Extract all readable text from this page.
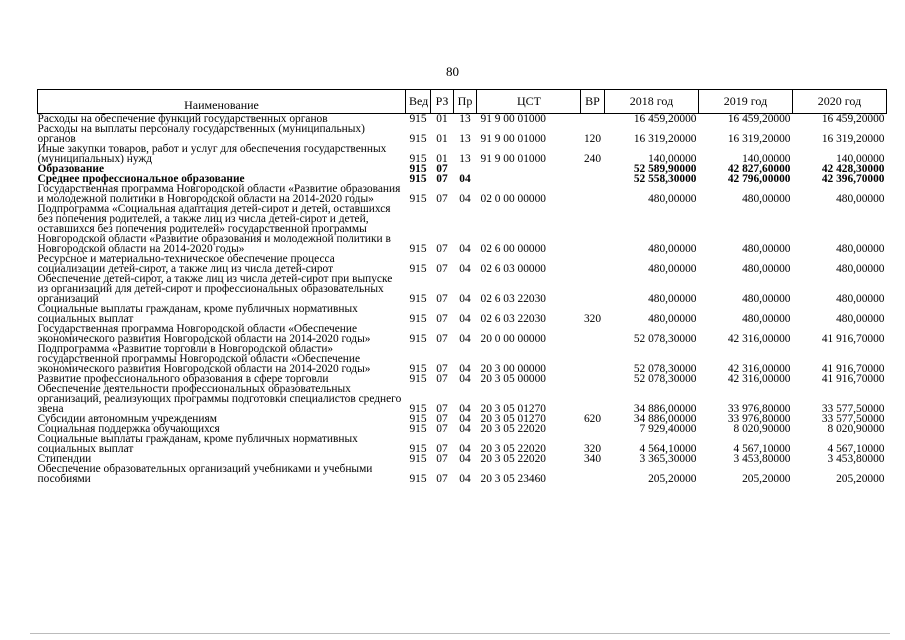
80
Наименование	Вед	РЗ	Пр	ЦСТ	ВР	2018 год	2019 год	2020 год
Расходы на обеспечение функций государственных органов	915	01	13	91 9 00 01000		16 459,20000	16 459,20000	16 459,20000
Расходы на выплаты персоналу государственных (муниципальных) органов	915	01	13	91 9 00 01000	120	16 319,20000	16 319,20000	16 319,20000
Иные закупки товаров, работ и услуг для обеспечения государственных (муниципальных) нужд	915	01	13	91 9 00 01000	240	140,00000	140,00000	140,00000
Образование	915	07				52 589,90000	42 827,60000	42 428,30000
Среднее профессиональное образование	915	07	04			52 558,30000	42 796,00000	42 396,70000
Государственная программа Новгородской области «Развитие образования и молодежной политики в Новгородской области на 2014-2020 годы»	915	07	04	02 0 00 00000		480,00000	480,00000	480,00000
Подпрограмма «Социальная адаптация детей-сирот и детей, оставшихся без попечения родителей, а также лиц из числа детей-сирот и детей, оставшихся без попечения родителей» государственной программы Новгородской области «Развитие образования и молодежной политики в Новгородской области на 2014-2020 годы»	915	07	04	02 6 00 00000		480,00000	480,00000	480,00000
Ресурсное и материально-техническое обеспечение процесса социализации детей-сирот, а также лиц из числа детей-сирот	915	07	04	02 6 03 00000		480,00000	480,00000	480,00000
Обеспечение детей-сирот, а также лиц из числа детей-сирот при выпуске из организаций для детей-сирот и профессиональных образовательных организаций	915	07	04	02 6 03 22030		480,00000	480,00000	480,00000
Социальные выплаты гражданам, кроме публичных нормативных социальных выплат	915	07	04	02 6 03 22030	320	480,00000	480,00000	480,00000
Государственная программа Новгородской области «Обеспечение экономического развития Новгородской области на 2014-2020 годы»	915	07	04	20 0 00 00000		52 078,30000	42 316,00000	41 916,70000
Подпрограмма «Развитие торговли в Новгородской области» государственной программы Новгородской области «Обеспечение экономического развития Новгородской области на 2014-2020 годы»	915	07	04	20 3 00 00000		52 078,30000	42 316,00000	41 916,70000
Развитие профессионального образования в сфере торговли	915	07	04	20 3 05 00000		52 078,30000	42 316,00000	41 916,70000
Обеспечение деятельности профессиональных образовательных организаций, реализующих программы подготовки специалистов среднего звена	915	07	04	20 3 05 01270		34 886,00000	33 976,80000	33 577,50000
Субсидии автономным учреждениям	915	07	04	20 3 05 01270	620	34 886,00000	33 976,80000	33 577,50000
Социальная поддержка обучающихся	915	07	04	20 3 05 22020		7 929,40000	8 020,90000	8 020,90000
Социальные выплаты гражданам, кроме публичных нормативных социальных выплат	915	07	04	20 3 05 22020	320	4 564,10000	4 567,10000	4 567,10000
Стипендии	915	07	04	20 3 05 22020	340	3 365,30000	3 453,80000	3 453,80000
Обеспечение образовательных организаций учебниками и учебными пособиями	915	07	04	20 3 05 23460		205,20000	205,20000	205,20000
